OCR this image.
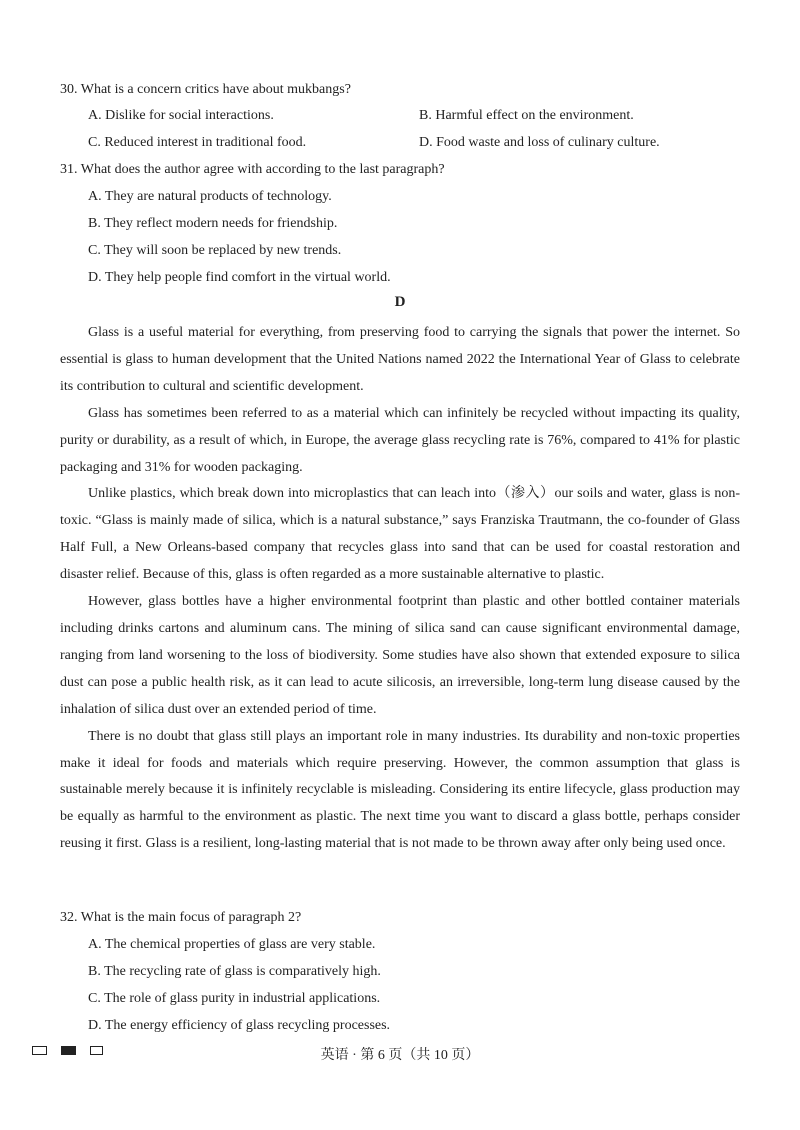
30. What is a concern critics have about mukbangs?
A. Dislike for social interactions.	B. Harmful effect on the environment.
C. Reduced interest in traditional food.	D. Food waste and loss of culinary culture.
31. What does the author agree with according to the last paragraph?
A. They are natural products of technology.
B. They reflect modern needs for friendship.
C. They will soon be replaced by new trends.
D. They help people find comfort in the virtual world.
D

Glass is a useful material for everything, from preserving food to carrying the signals that power the internet. So essential is glass to human development that the United Nations named 2022 the International Year of Glass to celebrate its contribution to cultural and scientific development.

Glass has sometimes been referred to as a material which can infinitely be recycled without impacting its quality, purity or durability, as a result of which, in Europe, the average glass recycling rate is 76%, compared to 41% for plastic packaging and 31% for wooden packaging.

Unlike plastics, which break down into microplastics that can leach into（渗入）our soils and water, glass is non-toxic. “Glass is mainly made of silica, which is a natural substance,” says Franziska Trautmann, the co-founder of Glass Half Full, a New Orleans-based company that recycles glass into sand that can be used for coastal restoration and disaster relief. Because of this, glass is often regarded as a more sustainable alternative to plastic.

However, glass bottles have a higher environmental footprint than plastic and other bottled container materials including drinks cartons and aluminum cans. The mining of silica sand can cause significant environmental damage, ranging from land worsening to the loss of biodiversity. Some studies have also shown that extended exposure to silica dust can pose a public health risk, as it can lead to acute silicosis, an irreversible, long-term lung disease caused by the inhalation of silica dust over an extended period of time.

There is no doubt that glass still plays an important role in many industries. Its durability and non-toxic properties make it ideal for foods and materials which require preserving. However, the common assumption that glass is sustainable merely because it is infinitely recyclable is misleading. Considering its entire lifecycle, glass production may be equally as harmful to the environment as plastic. The next time you want to discard a glass bottle, perhaps consider reusing it first. Glass is a resilient, long-lasting material that is not made to be thrown away after only being used once.

32. What is the main focus of paragraph 2?
A. The chemical properties of glass are very stable.
B. The recycling rate of glass is comparatively high.
C. The role of glass purity in industrial applications.
D. The energy efficiency of glass recycling processes.
英语 · 第 6 页（共 10 页）
